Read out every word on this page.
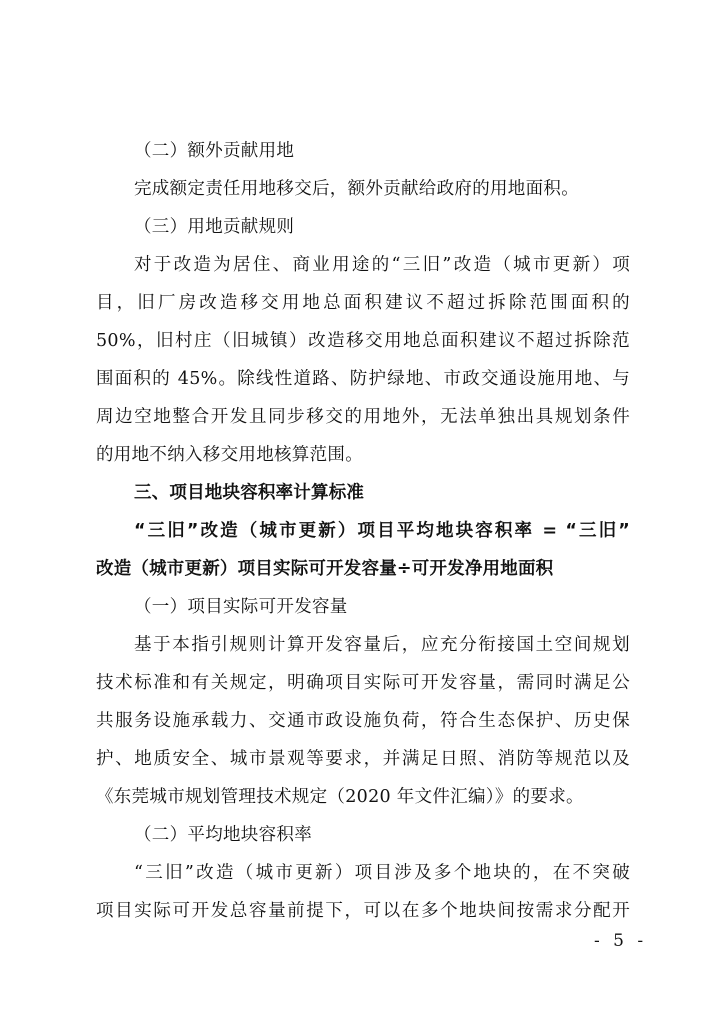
（二）额外贡献用地
完成额定责任用地移交后，额外贡献给政府的用地面积。
（三）用地贡献规则
对于改造为居住、商业用途的“三旧”改造（城市更新）项
目，旧厂房改造移交用地总面积建议不超过拆除范围面积的
50%，旧村庄（旧城镇）改造移交用地总面积建议不超过拆除范
围面积的 45%。除线性道路、防护绿地、市政交通设施用地、与
周边空地整合开发且同步移交的用地外，无法单独出具规划条件
的用地不纳入移交用地核算范围。
三、项目地块容积率计算标准
“三旧”改造（城市更新）项目平均地块容积率 = “三旧”
改造（城市更新）项目实际可开发容量÷可开发净用地面积
（一）项目实际可开发容量
基于本指引规则计算开发容量后，应充分衔接国土空间规划
技术标准和有关规定，明确项目实际可开发容量，需同时满足公
共服务设施承载力、交通市政设施负荷，符合生态保护、历史保
护、地质安全、城市景观等要求，并满足日照、消防等规范以及
《东莞城市规划管理技术规定（2020 年文件汇编）》的要求。
（二）平均地块容积率
“三旧”改造（城市更新）项目涉及多个地块的，在不突破
项目实际可开发总容量前提下，可以在多个地块间按需求分配开
- 5 -
